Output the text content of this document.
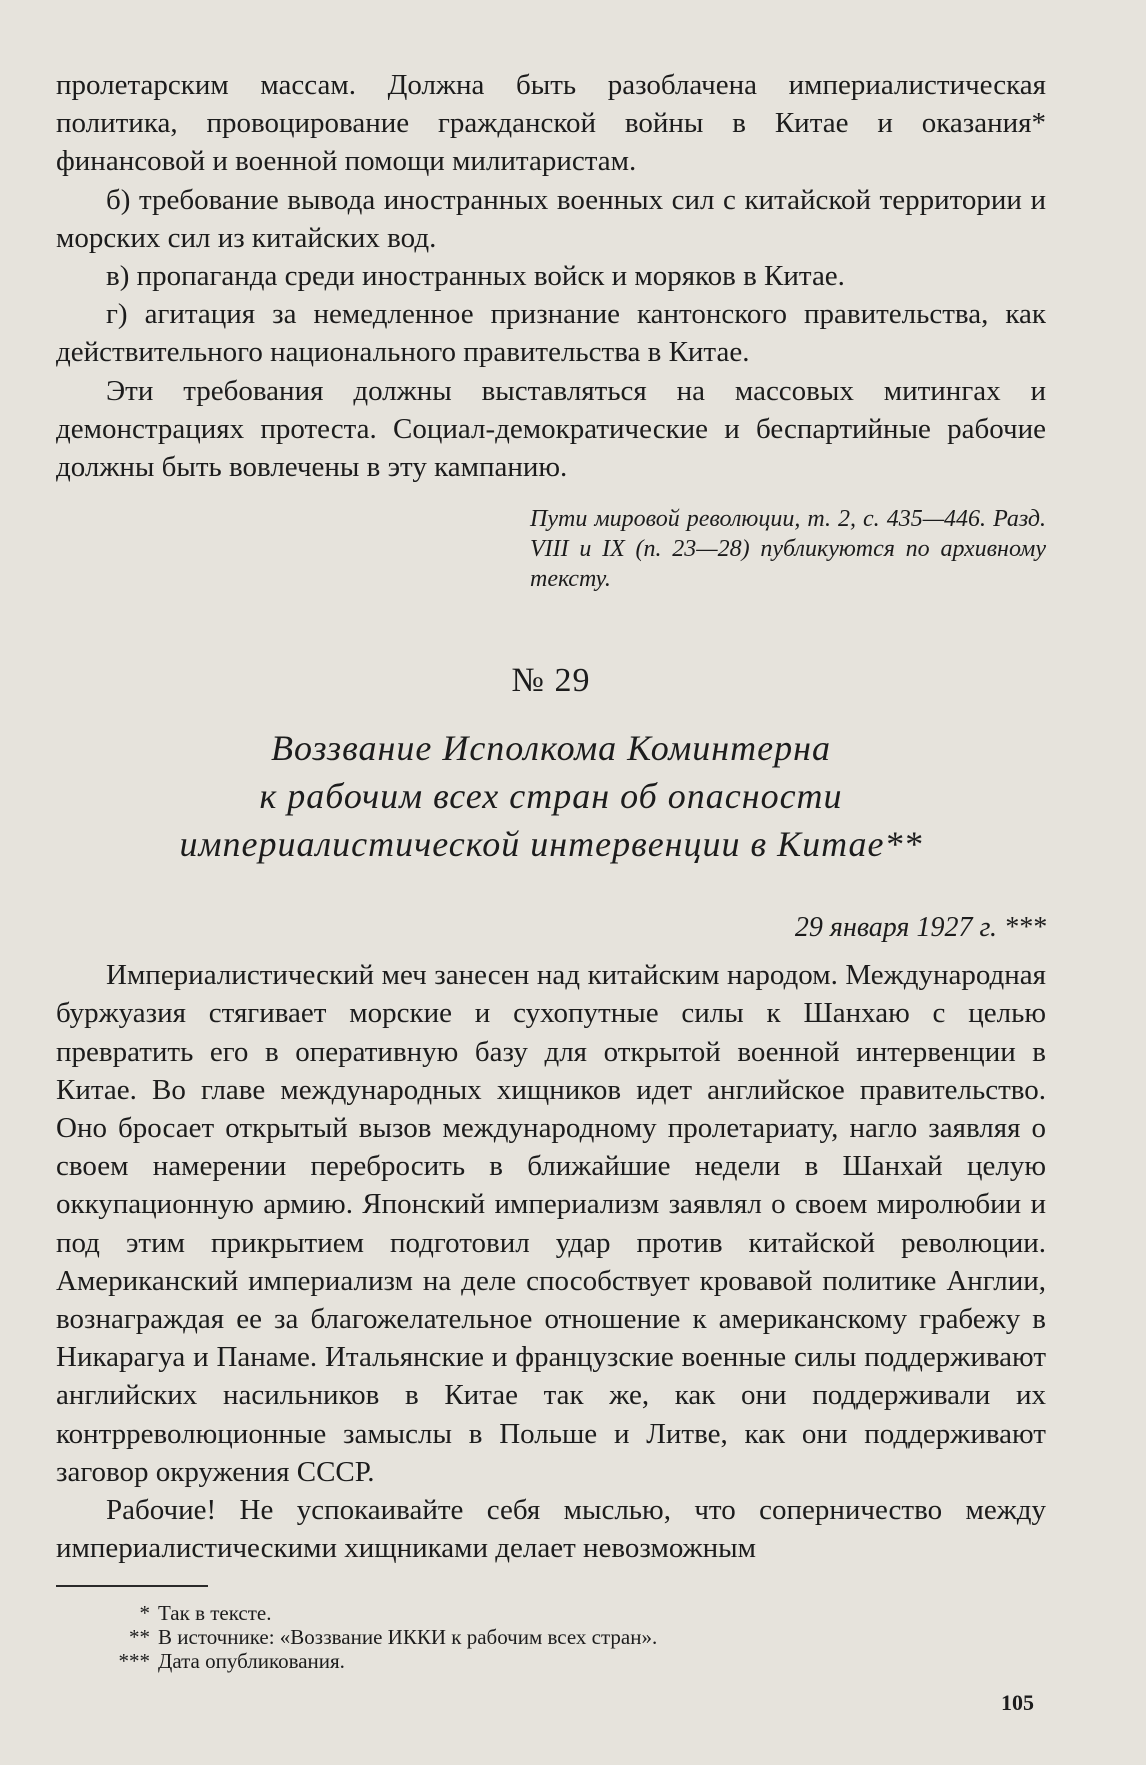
пролетарским массам. Должна быть разоблачена империалистическая политика, провоцирование гражданской войны в Китае и оказания* финансовой и военной помощи милитаристам.

б) требование вывода иностранных военных сил с китайской территории и морских сил из китайских вод.

в) пропаганда среди иностранных войск и моряков в Китае.

г) агитация за немедленное признание кантонского правительства, как действительного национального правительства в Китае.

Эти требования должны выставляться на массовых митингах и демонстрациях протеста. Социал-демократические и беспартийные рабочие должны быть вовлечены в эту кампанию.

Пути мировой революции, т. 2, с. 435—446. Разд. VIII и IX (п. 23—28) публикуются по архивному тексту.
№ 29
Воззвание Исполкома Коминтерна
к рабочим всех стран об опасности
империалистической интервенции в Китае**
29 января 1927 г. ***

Империалистический меч занесен над китайским народом. Международная буржуазия стягивает морские и сухопутные силы к Шанхаю с целью превратить его в оперативную базу для открытой военной интервенции в Китае. Во главе международных хищников идет английское правительство. Оно бросает открытый вызов международному пролетариату, нагло заявляя о своем намерении перебросить в ближайшие недели в Шанхай целую оккупационную армию. Японский империализм заявлял о своем миролюбии и под этим прикрытием подготовил удар против китайской революции. Американский империализм на деле способствует кровавой политике Англии, вознаграждая ее за благожелательное отношение к американскому грабежу в Никарагуа и Панаме. Итальянские и французские военные силы поддерживают английских насильников в Китае так же, как они поддерживали их контрреволюционные замыслы в Польше и Литве, как они поддерживают заговор окружения СССР.

Рабочие! Не успокаивайте себя мыслью, что соперничество между империалистическими хищниками делает невозможным

* Так в тексте.
** В источнике: «Воззвание ИККИ к рабочим всех стран».
*** Дата опубликования.
105
